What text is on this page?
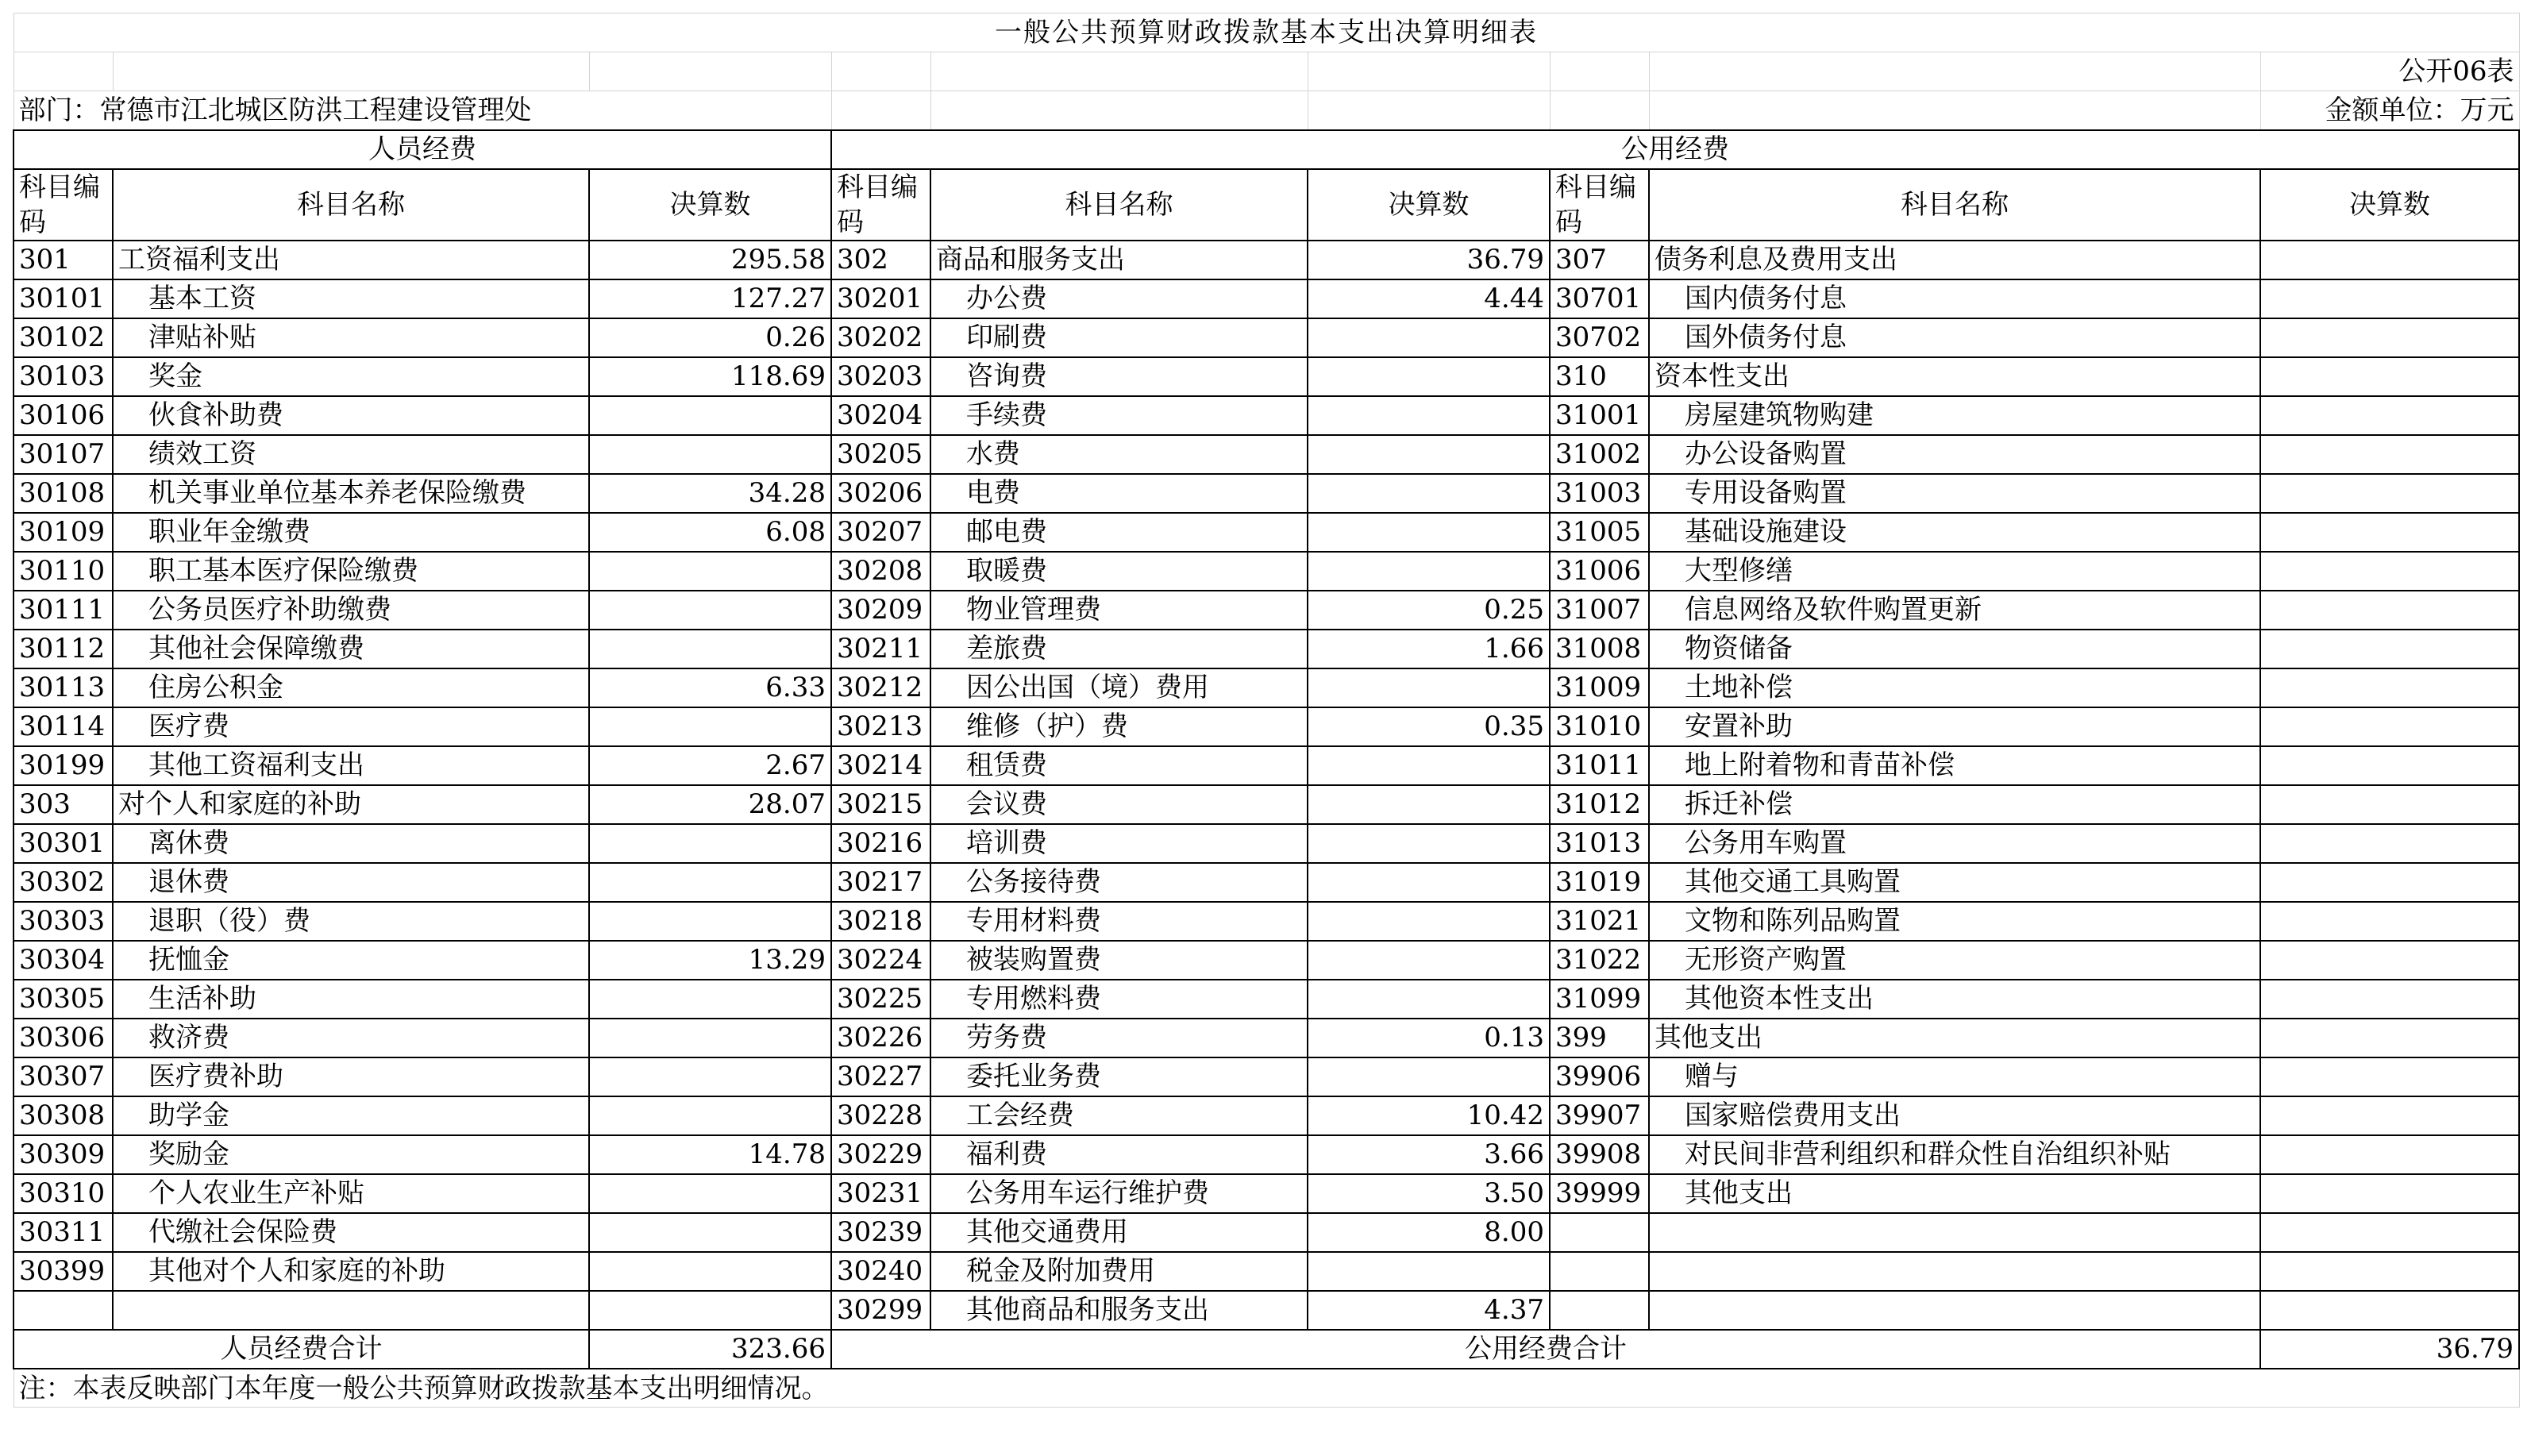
一般公共预算财政拨款基本支出决算明细表								
								公开06表
部门：常德市江北城区防洪工程建设管理处								金额单位：万元
人员经费			公用经费					
科目编码	科目名称	决算数	科目编码	科目名称	决算数	科目编码	科目名称	决算数
301	工资福利支出	295.58	302	商品和服务支出	36.79	307	债务利息及费用支出	
30101	基本工资	127.27	30201	办公费	4.44	30701	国内债务付息	
30102	津贴补贴	0.26	30202	印刷费		30702	国外债务付息	
30103	奖金	118.69	30203	咨询费		310	资本性支出	
30106	伙食补助费		30204	手续费		31001	房屋建筑物购建	
30107	绩效工资		30205	水费		31002	办公设备购置	
30108	机关事业单位基本养老保险缴费	34.28	30206	电费		31003	专用设备购置	
30109	职业年金缴费	6.08	30207	邮电费		31005	基础设施建设	
30110	职工基本医疗保险缴费		30208	取暖费		31006	大型修缮	
30111	公务员医疗补助缴费		30209	物业管理费	0.25	31007	信息网络及软件购置更新	
30112	其他社会保障缴费		30211	差旅费	1.66	31008	物资储备	
30113	住房公积金	6.33	30212	因公出国（境）费用		31009	土地补偿	
30114	医疗费		30213	维修（护）费	0.35	31010	安置补助	
30199	其他工资福利支出	2.67	30214	租赁费		31011	地上附着物和青苗补偿	
303	对个人和家庭的补助	28.07	30215	会议费		31012	拆迁补偿	
30301	离休费		30216	培训费		31013	公务用车购置	
30302	退休费		30217	公务接待费		31019	其他交通工具购置	
30303	退职（役）费		30218	专用材料费		31021	文物和陈列品购置	
30304	抚恤金	13.29	30224	被装购置费		31022	无形资产购置	
30305	生活补助		30225	专用燃料费		31099	其他资本性支出	
30306	救济费		30226	劳务费	0.13	399	其他支出	
30307	医疗费补助		30227	委托业务费		39906	赠与	
30308	助学金		30228	工会经费	10.42	39907	国家赔偿费用支出	
30309	奖励金	14.78	30229	福利费	3.66	39908	对民间非营利组织和群众性自治组织补贴	
30310	个人农业生产补贴		30231	公务用车运行维护费	3.50	39999	其他支出	
30311	代缴社会保险费		30239	其他交通费用	8.00			
30399	其他对个人和家庭的补助		30240	税金及附加费用				
			30299	其他商品和服务支出	4.37			
人员经费合计		323.66	公用经费合计					36.79
注：本表反映部门本年度一般公共预算财政拨款基本支出明细情况。								
